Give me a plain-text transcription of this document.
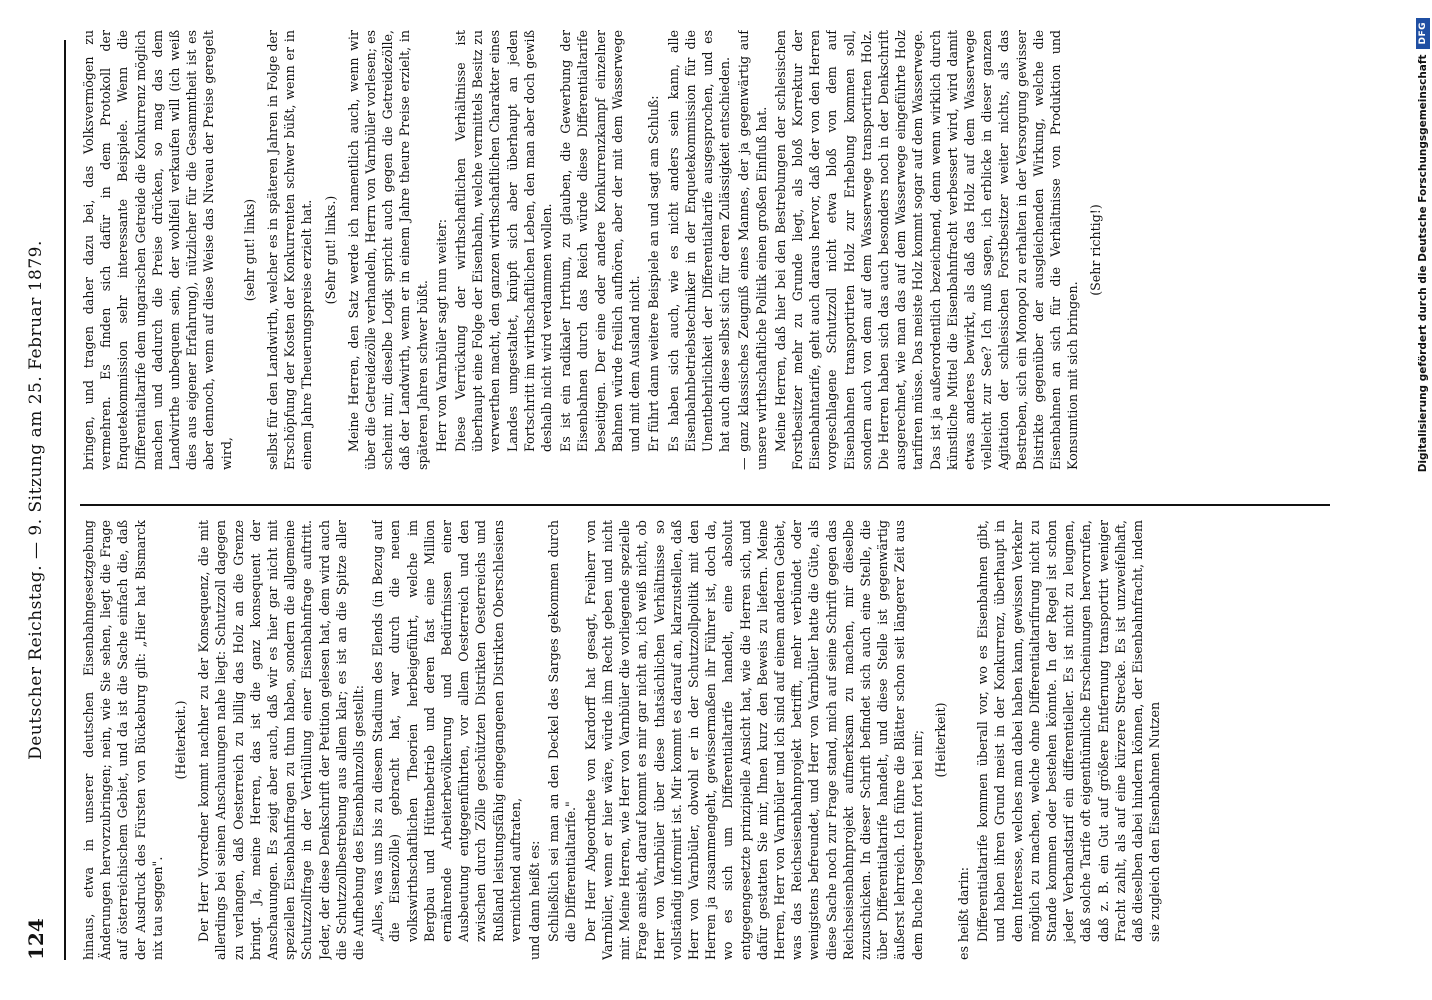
124
Deutscher Reichstag. — 9. Sitzung am 25. Februar 1879.	hinaus, etwa in unserer deutschen Eisenbahngesetzgebung Änderungen hervorzubringen; nein, wie Sie sehen, liegt die Frage auf österreichischem Gebiet, und da ist die Sache einfach die, daß der Ausdruck des Fürsten von Bückeburg gilt: „Hier hat Bismarck nix tau seggen".

(Heiterkeit.) Der Herr Vorredner kommt nachher zu der Konsequenz, die mit allerdings bei seinen Anschauungen nahe liegt: Schutzzoll dagegen zu verlangen, daß Oesterreich zu billig das Holz an die Grenze bringt. Ja, meine Herren, das ist die ganz konsequent der Anschauungen. Es zeigt aber auch, daß wir es hier gar nicht mit speziellen Eisenbahnfragen zu thun haben, sondern die allgemeine Schutzzollfrage in der Verhüllung einer Eisenbahnfrage auftritt. Jeder, der diese Denkschrift der Petition gelesen hat, dem wird auch die Schutzzollbestrebung aus allem klar; es ist an die Spitze aller die Aufhebung des Eisenbahnzolls gestellt: „Alles, was uns bis zu diesem Stadium des Elends (in Bezug auf die Eisenzölle) gebracht hat, war durch die neuen volkswirthschaftlichen Theorien herbeigeführt, welche im Bergbau und Hüttenbetrieb und deren fast eine Million ernährende Arbeiterbevölkerung und Bedürfnissen einer Ausbeutung entgegenführten, vor allem Oesterreich und den zwischen durch Zölle geschützten Distrikten Oesterreichs und Rußland leistungsfähig eingegangenen Distrikten Oberschlesiens vernichtend auftraten, und dann heißt es: Schließlich sei man an den Deckel des Sarges gekommen durch die Differentialtarife." Der Herr Abgeordnete von Kardorff hat gesagt, Freiherr von Varnbüler, wenn er hier wäre, würde ihm Recht geben und nicht mir. Meine Herren, wie Herr von Varnbüler die vorliegende spezielle Frage ansieht, darauf kommt es mir gar nicht an, ich weiß nicht, ob Herr von Varnbüler über diese thatsächlichen Verhältnisse so vollständig informirt ist. Mir kommt es darauf an, klarzustellen, daß Herr von Varnbüler, obwohl er in der Schutzzollpolitik mit den Herren ja zusammengeht, gewissermaßen ihr Führer ist, doch da, wo es sich um Differentialtarife handelt, eine absolut entgegengesetzte prinzipielle Ansicht hat, wie die Herren sich, und dafür gestatten Sie mir, Ihnen kurz den Beweis zu liefern. Meine Herren, Herr von Varnbüler und ich sind auf einem anderen Gebiet, was das Reichseisenbahnprojekt betrifft, mehr verbündet oder wenigstens befreundet, und Herr von Varnbüler hatte die Güte, als diese Sache noch zur Frage stand, mich auf seine Schrift gegen das Reichseisenbahnprojekt aufmerksam zu machen, mir dieselbe zuzuschicken. In dieser Schrift befindet sich auch eine Stelle, die über Differentialtarife handelt, und diese Stelle ist gegenwärtig äußerst lehrreich. Ich führe die Blätter schon seit längerer Zeit aus dem Buche losgetrennt fort bei mir; (Heiterkeit)

es heißt darin: Differentialtarife kommen überall vor, wo es Eisenbahnen gibt, und haben ihren Grund meist in der Konkurrenz, überhaupt in dem Interesse, welches man dabei haben kann, gewissen Verkehr möglich zu machen, welche ohne Differentialtarifirung nicht zu Stande kommen oder bestehen könnte. In der Regel ist schon jeder Verbandstarif ein differentieller. Es ist nicht zu leugnen, daß solche Tarife oft eigenthümliche Erscheinungen hervorrufen, daß z. B. ein Gut auf größere Entfernung transportirt weniger Fracht zahlt, als auf eine kürzere Strecke. Es ist unzweifelhaft, daß dieselben dabei hindern können, der Eisenbahnfracht, indem sie zugleich den Eisenbahnen Nutzen

bringen, und tragen daher dazu bei, das Volksvermögen zu vermehren. Es finden sich dafür in dem Protokoll der Enquetekommission sehr interessante Beispiele. Wenn die Differentialtarife dem ungarischen Getreide die Konkurrenz möglich machen und dadurch die Preise drücken, so mag das dem Landwirthe unbequem sein, der wohlfeil verkaufen will (ich weiß dies aus eigener Erfahrung), nützlicher für die Gesammtheit ist es aber dennoch, wenn auf diese Weise das Niveau der Preise geregelt wird,

(sehr gut! links) selbst für den Landwirth, welcher es in späteren Jahren in Folge der Erschöpfung der Kosten der Konkurrenten schwer büßt, wenn er in einem Jahre Theuerungspreise erzielt hat. (Sehr gut! links.) Meine Herren, den Satz werde ich namentlich auch, wenn wir über die Getreidezölle verhandeln, Herrn von Varnbüler vorlesen; es scheint mir, dieselbe Logik spricht auch gegen die Getreidezölle, daß der Landwirth, wenn er in einem Jahre theure Preise erzielt, in späteren Jahren schwer büßt. Herr von Varnbüler sagt nun weiter: Diese Verrückung der wirthschaftlichen Verhältnisse ist überhaupt eine Folge der Eisenbahn, welche vermittels Besitz zu verwerthen macht, den ganzen wirthschaftlichen Charakter eines Landes umgestaltet, knüpft sich aber überhaupt an jeden Fortschritt im wirthschaftlichen Leben, den man aber doch gewiß deshalb nicht wird verdammen wollen. Es ist ein radikaler Irrthum, zu glauben, die Gewerbung der Eisenbahnen durch das Reich würde diese Differentialtarife beseitigen. Der eine oder andere Konkurrenzkampf einzelner Bahnen würde freilich aufhören, aber der mit dem Wasserwege und mit dem Ausland nicht. Er führt dann weitere Beispiele an und sagt am Schluß: Es haben sich auch, wie es nicht anders sein kann, alle Eisenbahnbetriebstechniker in der Enquetekommission für die Unentbehrlichkeit der Differentialtarife ausgesprochen, und es hat auch diese selbst sich für deren Zulässigkeit entschieden. — ganz klassisches Zeugniß eines Mannes, der ja gegenwärtig auf unsere wirthschaftliche Politik einen großen Einfluß hat. Meine Herren, daß hier bei den Bestrebungen der schlesischen Forstbesitzer mehr zu Grunde liegt, als bloß Korrektur der Eisenbahntarife, geht auch daraus hervor, daß der von den Herren vorgeschlagene Schutzzoll nicht etwa bloß von dem auf Eisenbahnen transportirten Holz zur Erhebung kommen soll, sondern auch von dem auf dem Wasserwege transportirten Holz. Die Herren haben sich das auch besonders noch in der Denkschrift ausgerechnet, wie man das auf dem Wasserwege eingeführte Holz tarifiren müsse. Das meiste Holz kommt sogar auf dem Wasserwege. Das ist ja außerordentlich bezeichnend, denn wenn wirklich durch künstliche Mittel die Eisenbahnfracht verbessert wird, wird damit etwas anderes bewirkt, als daß das Holz auf dem Wasserwege vielleicht zur See? Ich muß sagen, ich erblicke in dieser ganzen Agitation der schlesischen Forstbesitzer weiter nichts, als das Bestreben, sich ein Monopol zu erhalten in der Versorgung gewisser Distrikte gegenüber der ausgleichenden Wirkung, welche die Eisenbahnen an sich für die Verhältnisse von Produktion und Konsumtion mit sich bringen.

(Sehr richtig!)	Digitalisierung gefördert durch die Deutsche Forschungsgemeinschaft
DFG
